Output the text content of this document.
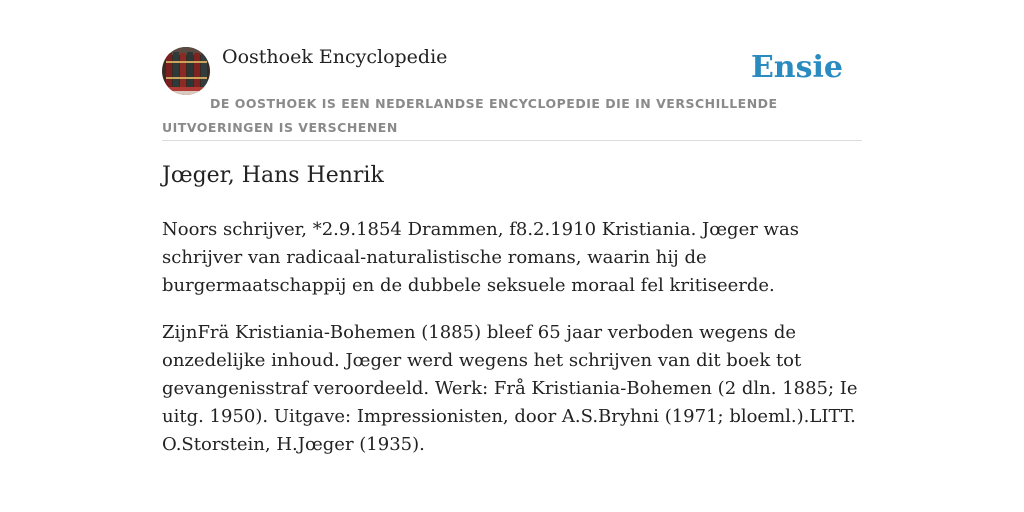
Oosthoek Encyclopedie	Ensie
DE OOSTHOEK IS EEN NEDERLANDSE ENCYCLOPEDIE DIE IN VERSCHILLENDE UITVOERINGEN IS VERSCHENEN
Jœger, Hans Henrik

Noors schrijver, *2.9.1854 Drammen, f8.2.1910 Kristiania. Jœger was schrijver van radicaal-naturalistische romans, waarin hij de burgermaatschappij en de dubbele seksuele moraal fel kritiseerde.

ZijnFrä Kristiania-Bohemen (1885) bleef 65 jaar verboden wegens de onzedelijke inhoud. Jœger werd wegens het schrijven van dit boek tot gevangenisstraf veroordeeld. Werk: Frå Kristiania-Bohemen (2 dln. 1885; Ie uitg. 1950). Uitgave: Impressionisten, door A.S.Bryhni (1971; bloeml.).LITT. O.Storstein, H.Jœger (1935).
